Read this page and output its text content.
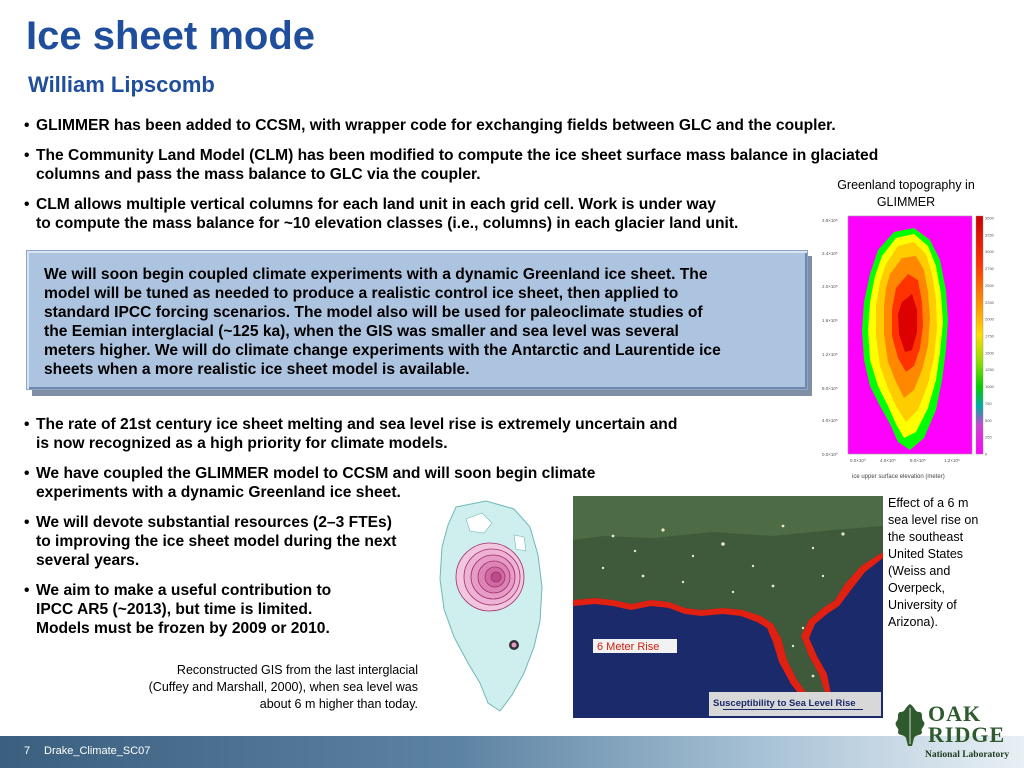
Ice sheet mode
William Lipscomb
• GLIMMER has been added to CCSM, with wrapper code for exchanging fields between GLC and the coupler.
• The Community Land Model (CLM) has been modified to compute the ice sheet surface mass balance in glaciated
columns and pass the mass balance to GLC via the coupler.
• CLM allows multiple vertical columns for each land unit in each grid cell. Work is under way
to compute the mass balance for ~10 elevation classes (i.e., columns) in each glacier land unit.
We will soon begin coupled climate experiments with a dynamic Greenland ice sheet. The
model will be tuned as needed to produce a realistic control ice sheet, then applied to
standard IPCC forcing scenarios. The model also will be used for paleoclimate studies of
the Eemian interglacial (~125 ka), when the GIS was smaller and sea level was several
meters higher. We will do climate change experiments with the Antarctic and Laurentide ice
sheets when a more realistic ice sheet model is available.
• The rate of 21st century ice sheet melting and sea level rise is extremely uncertain and
is now recognized as a high priority for climate models.
• We have coupled the GLIMMER model to CCSM and will soon begin climate
experiments with a dynamic Greenland ice sheet.
• We will devote substantial resources (2–3 FTEs)
to improving the ice sheet model during the next
several years.
• We aim to make a useful contribution to
IPCC AR5 (~2013), but time is limited.
Models must be frozen by 2009 or 2010.
Greenland topography in
GLIMMER
2.8×10⁶
2.4×10⁶
2.0×10⁶
1.6×10⁶
1.2×10⁶
8.0×10⁵
4.0×10⁵
0.0×10⁰
0.0×10⁰	4.0×10⁵	8.0×10⁵	1.2×10⁶
3500
3250
3000
2750
2500
2250
2000
1750
1500
1250
1000
750
500
250
0
ice upper surface elevation (meter)
6 Meter Rise
Susceptibility to Sea Level Rise
Reconstructed GIS from the last interglacial
(Cuffey and Marshall, 2000), when sea level was
about 6 m higher than today.
Effect of a 6 m
sea level rise on
the southeast
United States
(Weiss and
Overpeck,
University of
Arizona).
7 Drake_Climate_SC07
OAK
RIDGE
National Laboratory
